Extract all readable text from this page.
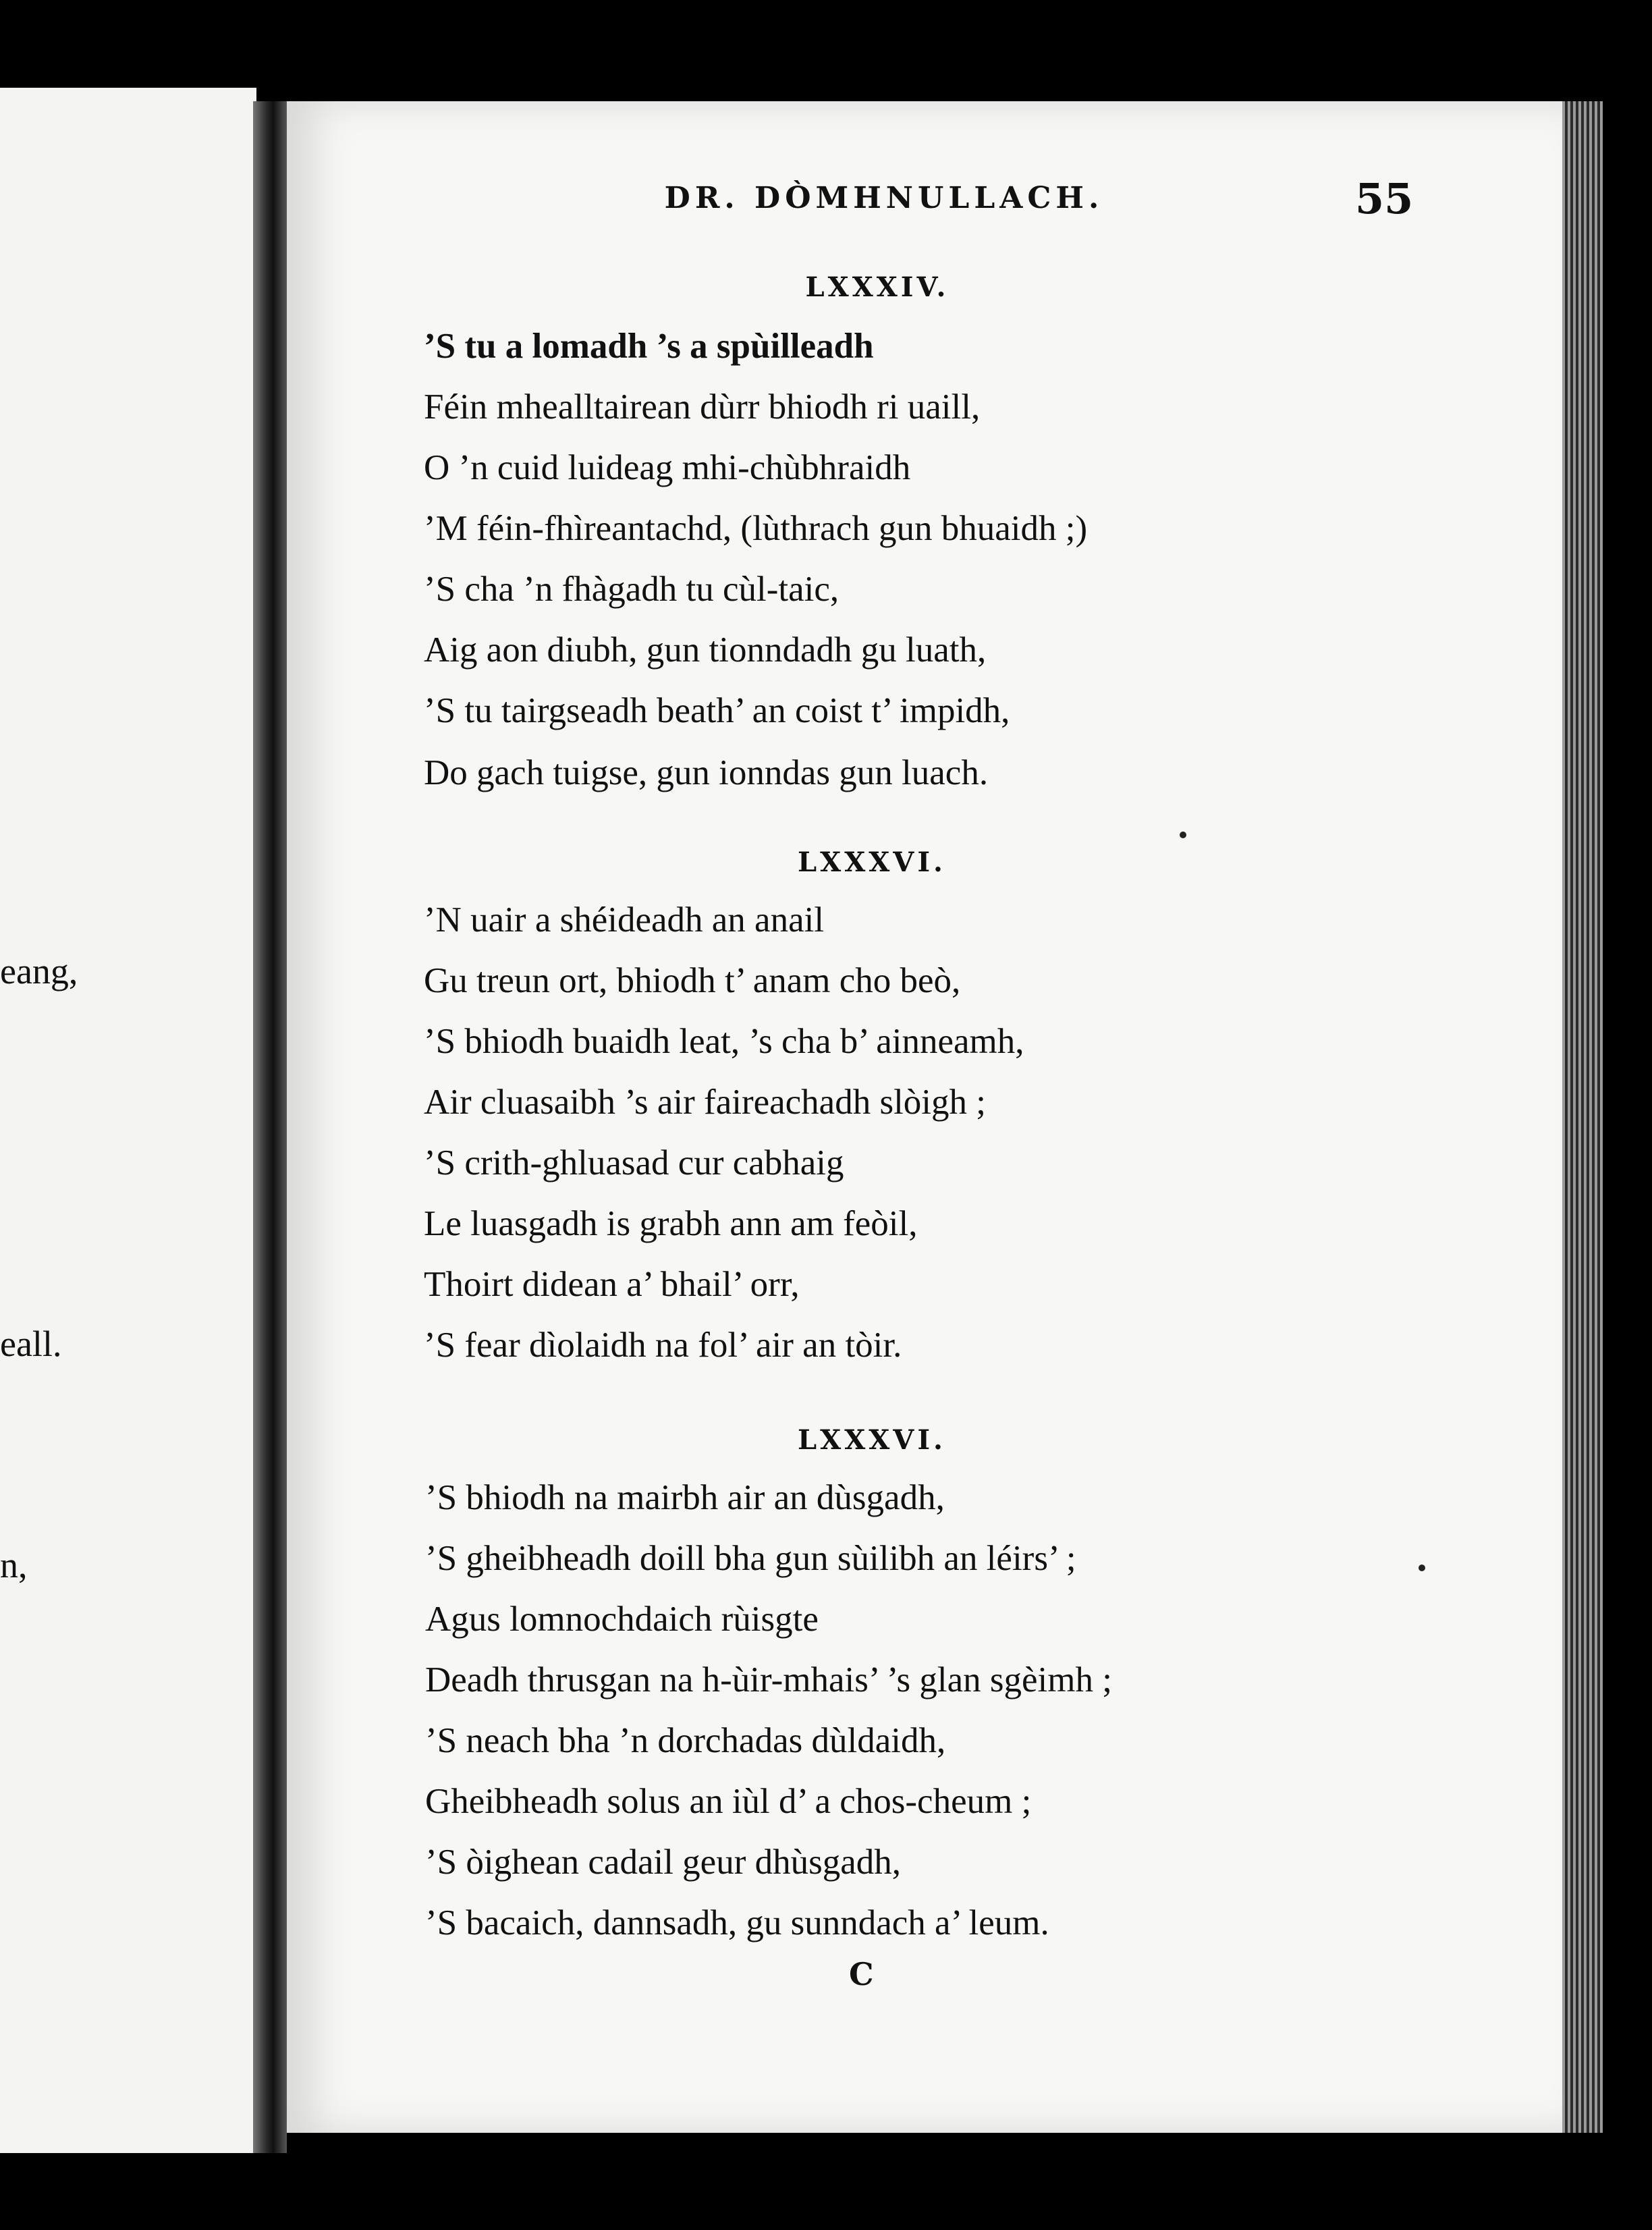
eang,
eall.
n,
DR. DÒMHNULLACH.	55
LXXXIV.
’S tu a lomadh ’s a spùilleadh
Féin mhealltairean dùrr bhiodh ri uaill,
O ’n cuid luideag mhi-chùbhraidh
’M féin-fhìreantachd, (lùthrach gun bhuaidh ;)
’S cha ’n fhàgadh tu cùl-taic,
Aig aon diubh, gun tionndadh gu luath,
’S tu tairgseadh beath’ an coist t’ impidh,
Do gach tuigse, gun ionndas gun luach.
LXXXVI.
’N uair a shéideadh an anail
Gu treun ort, bhiodh t’ anam cho beò,
’S bhiodh buaidh leat, ’s cha b’ ainneamh,
Air cluasaibh ’s air faireachadh slòigh ;
’S crith-ghluasad cur cabhaig
Le luasgadh is grabh ann am feòil,
Thoirt didean a’ bhail’ orr,
’S fear dìolaidh na fol’ air an tòir.
LXXXVI.
’S bhiodh na mairbh air an dùsgadh,
’S gheibheadh doill bha gun sùilibh an léirs’ ;
Agus lomnochdaich rùisgte
Deadh thrusgan na h-ùir-mhais’ ’s glan sgèimh ;
’S neach bha ’n dorchadas dùldaidh,
Gheibheadh solus an iùl d’ a chos-cheum ;
’S òighean cadail geur dhùsgadh,
’S bacaich, dannsadh, gu sunndach a’ leum.
C
